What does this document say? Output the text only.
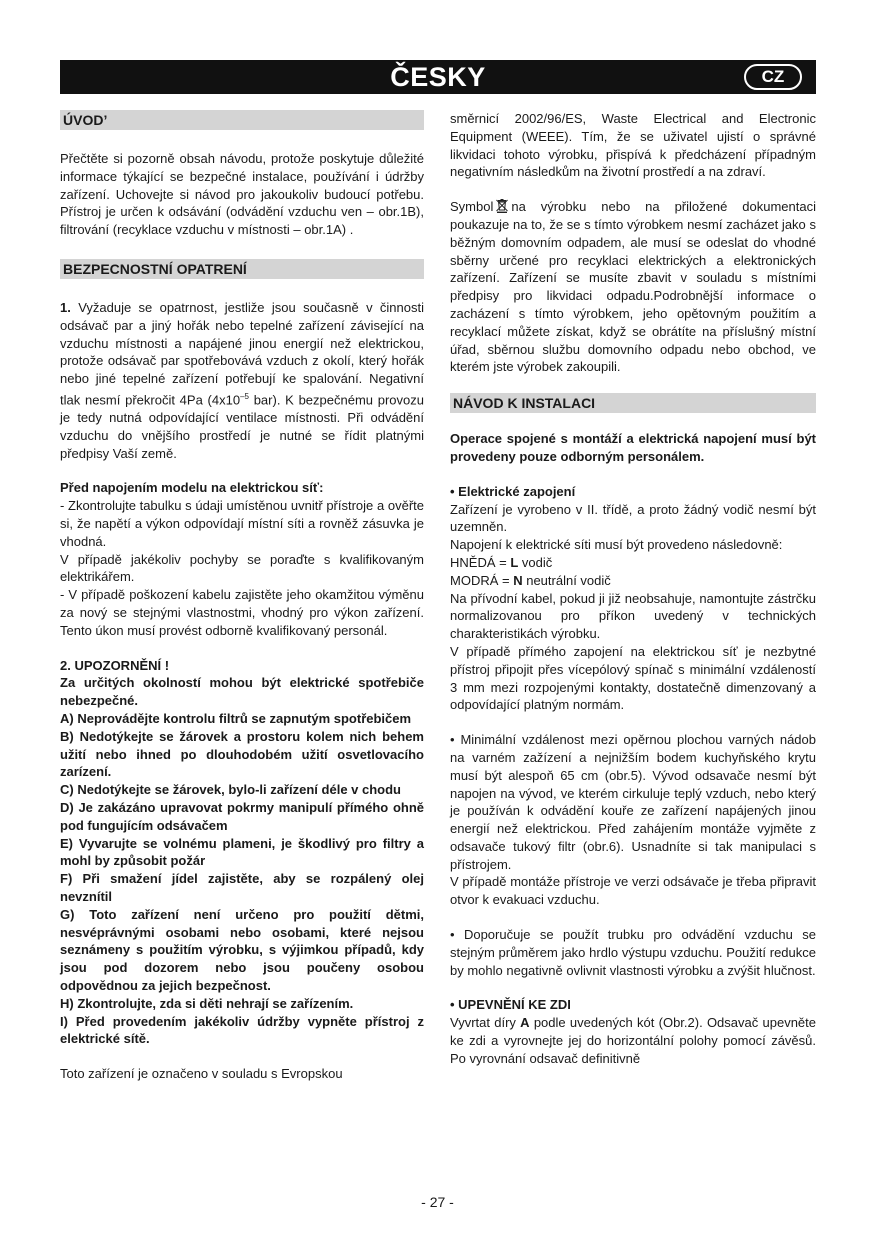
ČESKY	CZ
ÚVOD’

Přečtěte si pozorně obsah návodu, protože poskytuje důležité informace týkající se bezpečné instalace, používání i údržby zařízení. Uchovejte si návod pro jakoukoliv budoucí potřebu. Přístroj je určen k odsávání (odvádění vzduchu ven – obr.1B), filtrování (recyklace vzduchu v místnosti – obr.1A) .

BEZPECNOSTNÍ OPATRENÍ

1. Vyžaduje se opatrnost, jestliže jsou současně v činnosti odsávač par a jiný hořák nebo tepelné zařízení závisející na vzduchu místnosti a napájené jinou energií než elektrickou, protože odsávač par spotřebovává vzduch z okolí, který hořák nebo jiné tepelné zařízení potřebují ke spalování. Negativní tlak nesmí překročit 4Pa ($4x10^{-5}$ bar). K bezpečnému provozu je tedy nutná odpovídající ventilace místnosti. Při odvádění vzduchu do vnějšího prostředí je nutné se řídit platnými předpisy Vaší země.

Před napojením modelu na elektrickou síť:

- Zkontrolujte tabulku s údaji umístěnou uvnitř přístroje a ověřte si, že napětí a výkon odpovídají místní síti a rovněž zásuvka je vhodná.

V případě jakékoliv pochyby se poraďte s kvalifikovaným elektrikářem.

- V případě poškození kabelu zajistěte jeho okamžitou výměnu za nový se stejnými vlastnostmi, vhodný pro výkon zařízení. Tento úkon musí provést odborně kvalifikovaný personál.

2. UPOZORNĚNÍ !

Za určitých okolností mohou být elektrické spotřebiče nebezpečné.

A) Neprovádějte kontrolu filtrů se zapnutým spotřebičem

B) Nedotýkejte se žárovek a prostoru kolem nich behem užití nebo ihned po dlouhodobém užití osvetlovacího zarízení.

C) Nedotýkejte se žárovek, bylo-li zařízení déle v chodu

D) Je zakázáno upravovat pokrmy manipulí přímého ohně pod fungujícím odsávačem

E) Vyvarujte se volnému plameni, je škodlivý pro filtry a mohl by způsobit požár

F) Při smažení jídel zajistěte, aby se rozpálený olej nevznítil

G) Toto zařízení není určeno pro použití dětmi, nesvéprávnými osobami nebo osobami, které nejsou seznámeny s použitím výrobku, s výjimkou případů, kdy jsou pod dozorem nebo jsou poučeny osobou odpovědnou za jejich bezpečnost.

H) Zkontrolujte, zda si děti nehrají se zařízením.

I) Před provedením jakékoliv údržby vypněte přístroj z elektrické sítě.

Toto zařízení je označeno v souladu s Evropskou

směrnicí 2002/96/ES, Waste Electrical and Electronic Equipment (WEEE). Tím, že se uživatel ujistí o správné likvidaci tohoto výrobku, přispívá k předcházení případným negativním následkům na životní prostředí a na zdraví.

Symbol na výrobku nebo na přiložené dokumentaci poukazuje na to, že se s tímto výrobkem nesmí zacházet jako s běžným domovním odpadem, ale musí se odeslat do vhodné sběrny určené pro recyklaci elektrických a elektronických zařízení. Zařízení se musíte zbavit v souladu s místními předpisy pro likvidaci odpadu.Podrobnější informace o zacházení s tímto výrobkem, jeho opětovným použitím a recyklací můžete získat, když se obrátíte na příslušný místní úřad, sběrnou službu domovního odpadu nebo obchod, ve kterém jste výrobek zakoupili.

NÁVOD K INSTALACI

Operace spojené s montáží a elektrická napojení musí být provedeny pouze odborným personálem.

• Elektrické zapojení

Zařízení je vyrobeno v II. třídě, a proto žádný vodič nesmí být uzemněn.

Napojení k elektrické síti musí být provedeno následovně:

HNĚDÁ = L vodič

MODRÁ = N neutrální vodič

Na přívodní kabel, pokud ji již neobsahuje, namontujte zástrčku normalizovanou pro příkon uvedený v technických charakteristikách výrobku.

V případě přímého zapojení na elektrickou síť je nezbytné přístroj připojit přes vícepólový spínač s minimální vzdáleností 3 mm mezi rozpojenými kontakty, dostatečně dimenzovaný a odpovídající platným normám.

• Minimální vzdálenost mezi opěrnou plochou varných nádob na varném zažízení a nejnižším bodem kuchyňského krytu musí být alespoň 65 cm (obr.5). Vývod odsavače nesmí být napojen na vývod, ve kterém cirkuluje teplý vzduch, nebo který je používán k odvádění kouře ze zařízení napájených jinou energií než elektrickou. Před zahájením montáže vyjměte z odsavače tukový filtr (obr.6). Usnadníte si tak manipulaci s přístrojem.

V případě montáže přístroje ve verzi odsávače je třeba připravit otvor k evakuaci vzduchu.

• Doporučuje se použít trubku pro odvádění vzduchu se stejným průměrem jako hrdlo výstupu vzduchu. Použití redukce by mohlo negativně ovlivnit vlastnosti výrobku a zvýšit hlučnost.

• UPEVNĚNÍ KE ZDI

Vyvrtat díry A podle uvedených kót (Obr.2). Odsavač upevněte ke zdi a vyrovnejte jej do horizontální polohy pomocí závěsů. Po vyrovnání odsavač definitivně

- 27 -
